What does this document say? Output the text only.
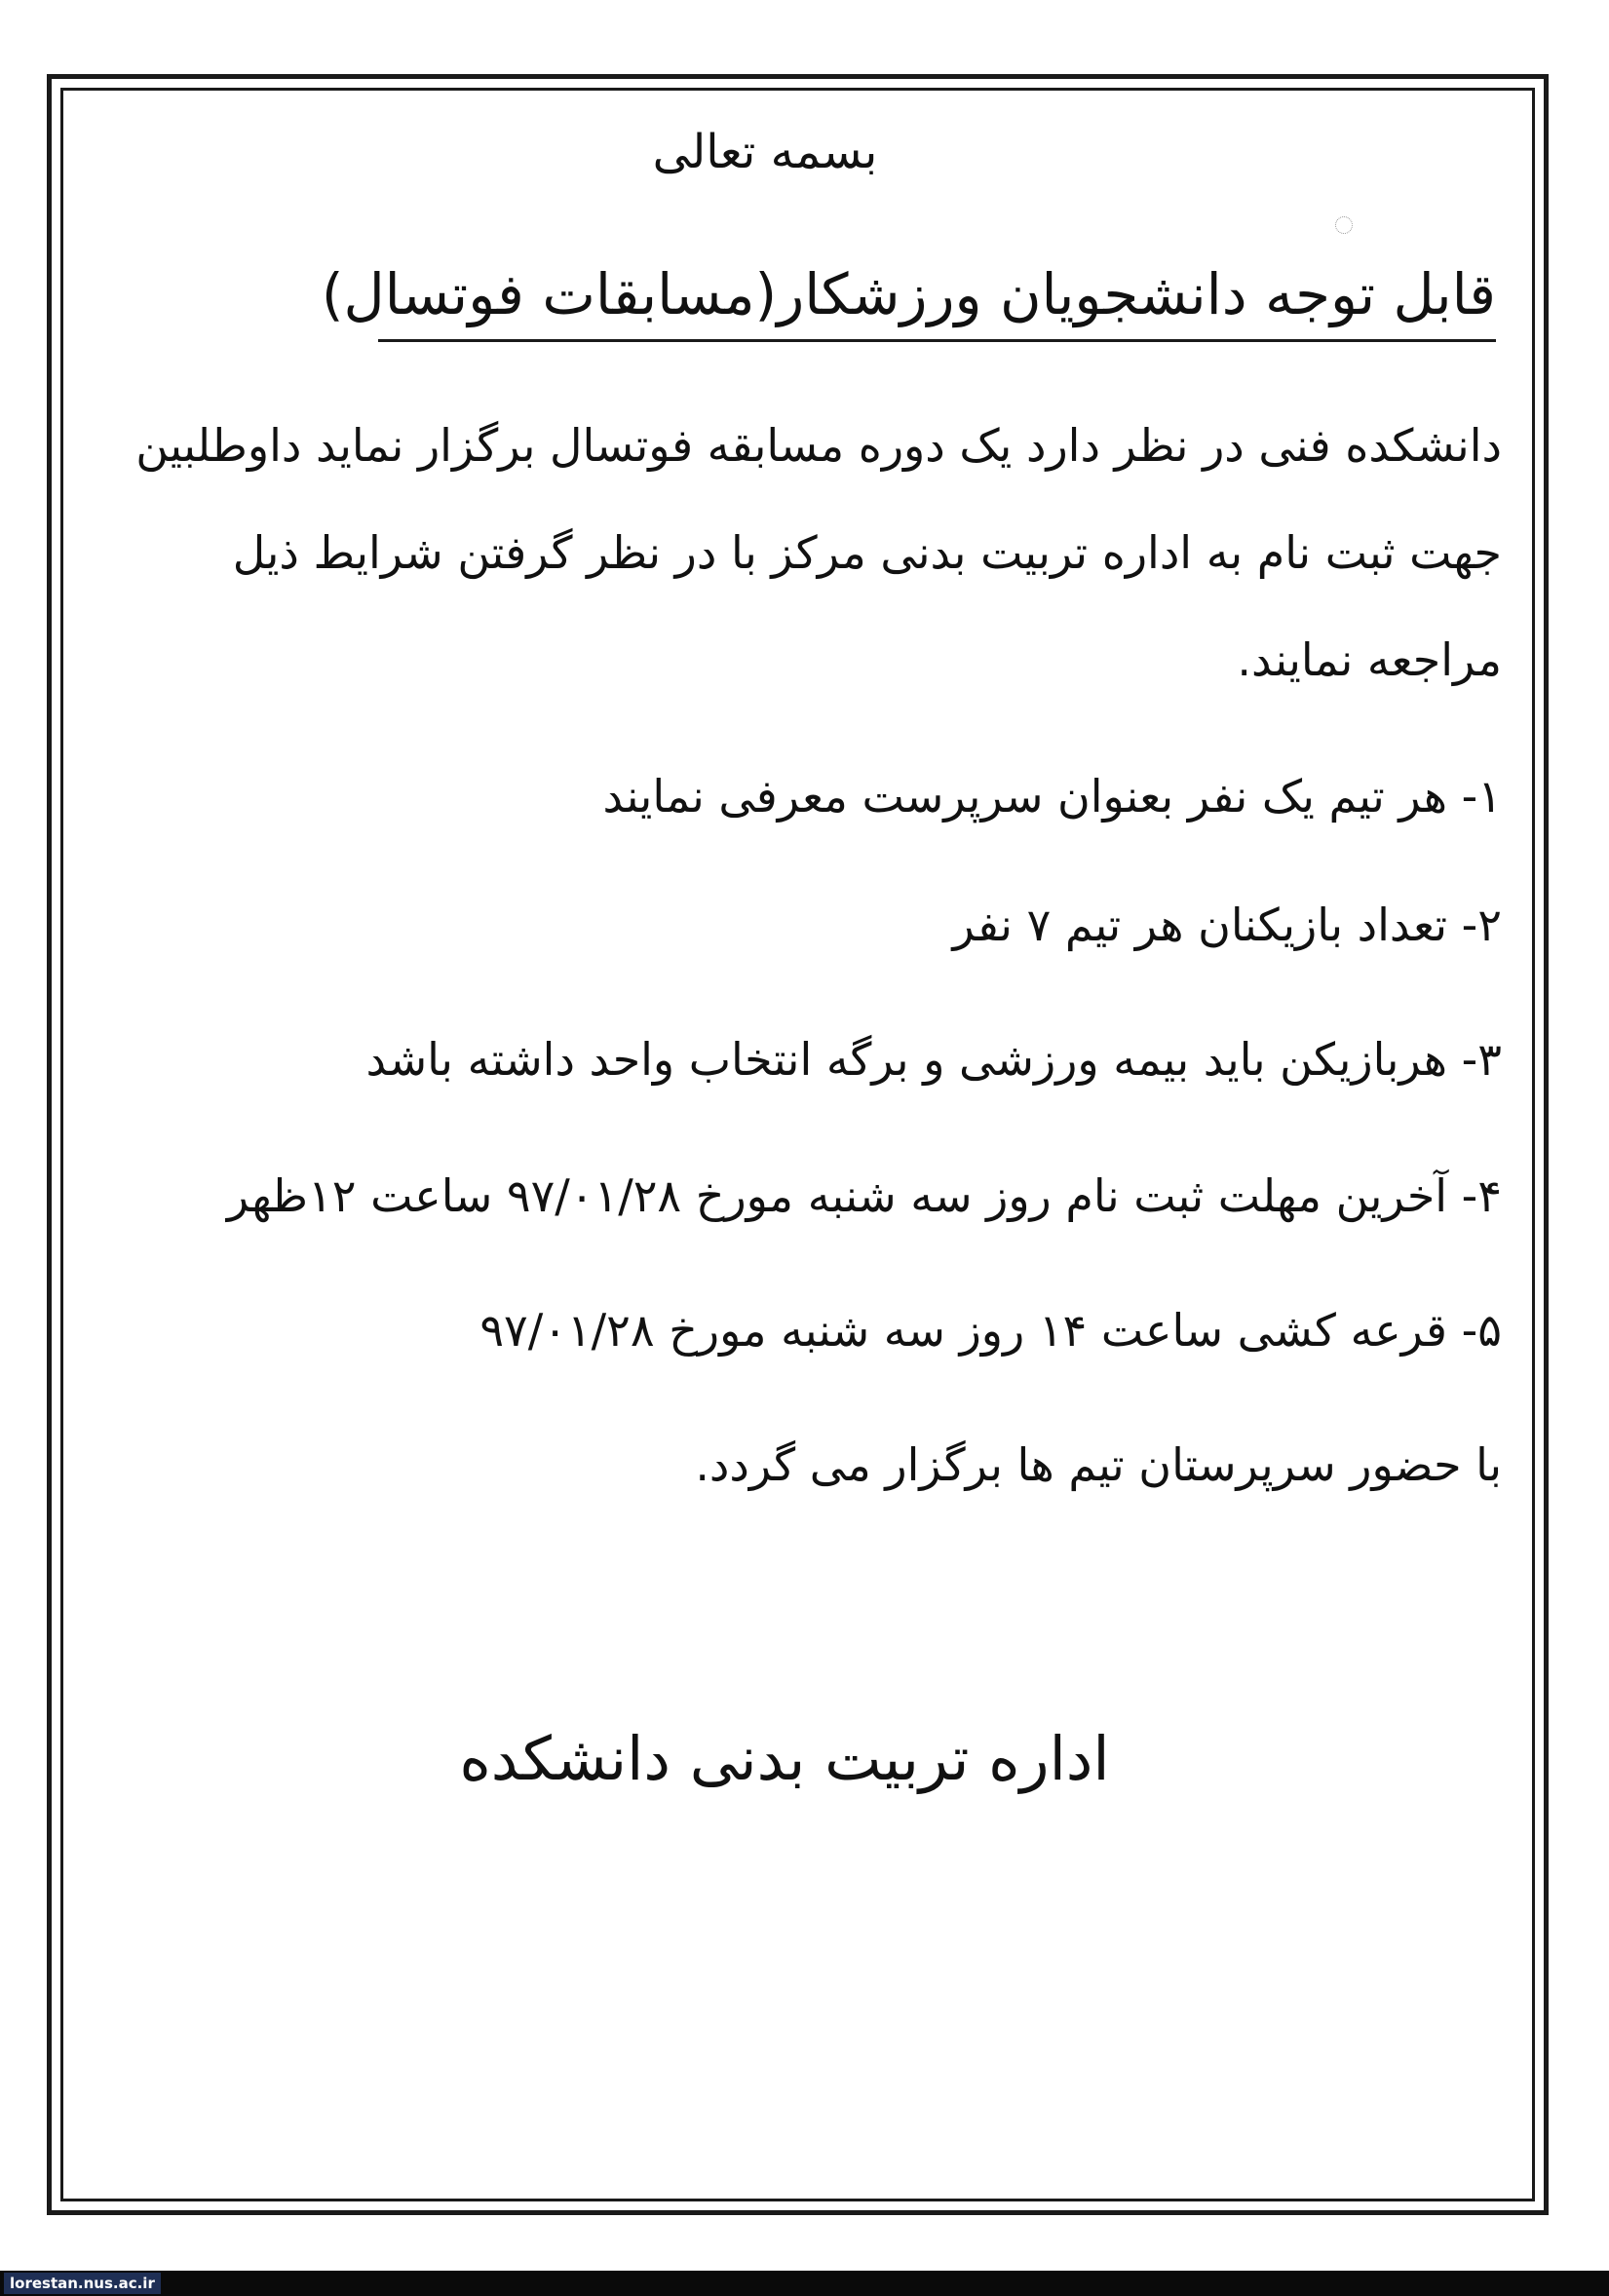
بسمه تعالی
قابل توجه دانشجویان ورزشکار(مسابقات فوتسال)
دانشکده فنی در نظر دارد یک دوره مسابقه فوتسال برگزار نماید داوطلبین
جهت ثبت نام به اداره تربیت بدنی مرکز با در نظر گرفتن شرایط ذیل
مراجعه نمایند.
۱- هر تیم یک نفر بعنوان سرپرست معرفی نمایند
۲- تعداد بازیکنان هر تیم ۷ نفر
۳- هربازیکن باید بیمه ورزشی و برگه انتخاب واحد داشته باشد
۴- آخرین مهلت ثبت نام روز سه شنبه مورخ ۹۷/۰۱/۲۸ ساعت ۱۲ظهر
۵- قرعه کشی ساعت ۱۴ روز سه شنبه مورخ ۹۷/۰۱/۲۸
با حضور سرپرستان تیم ها برگزار می گردد.
اداره تربیت بدنی دانشکده
lorestan.nus.ac.ir
